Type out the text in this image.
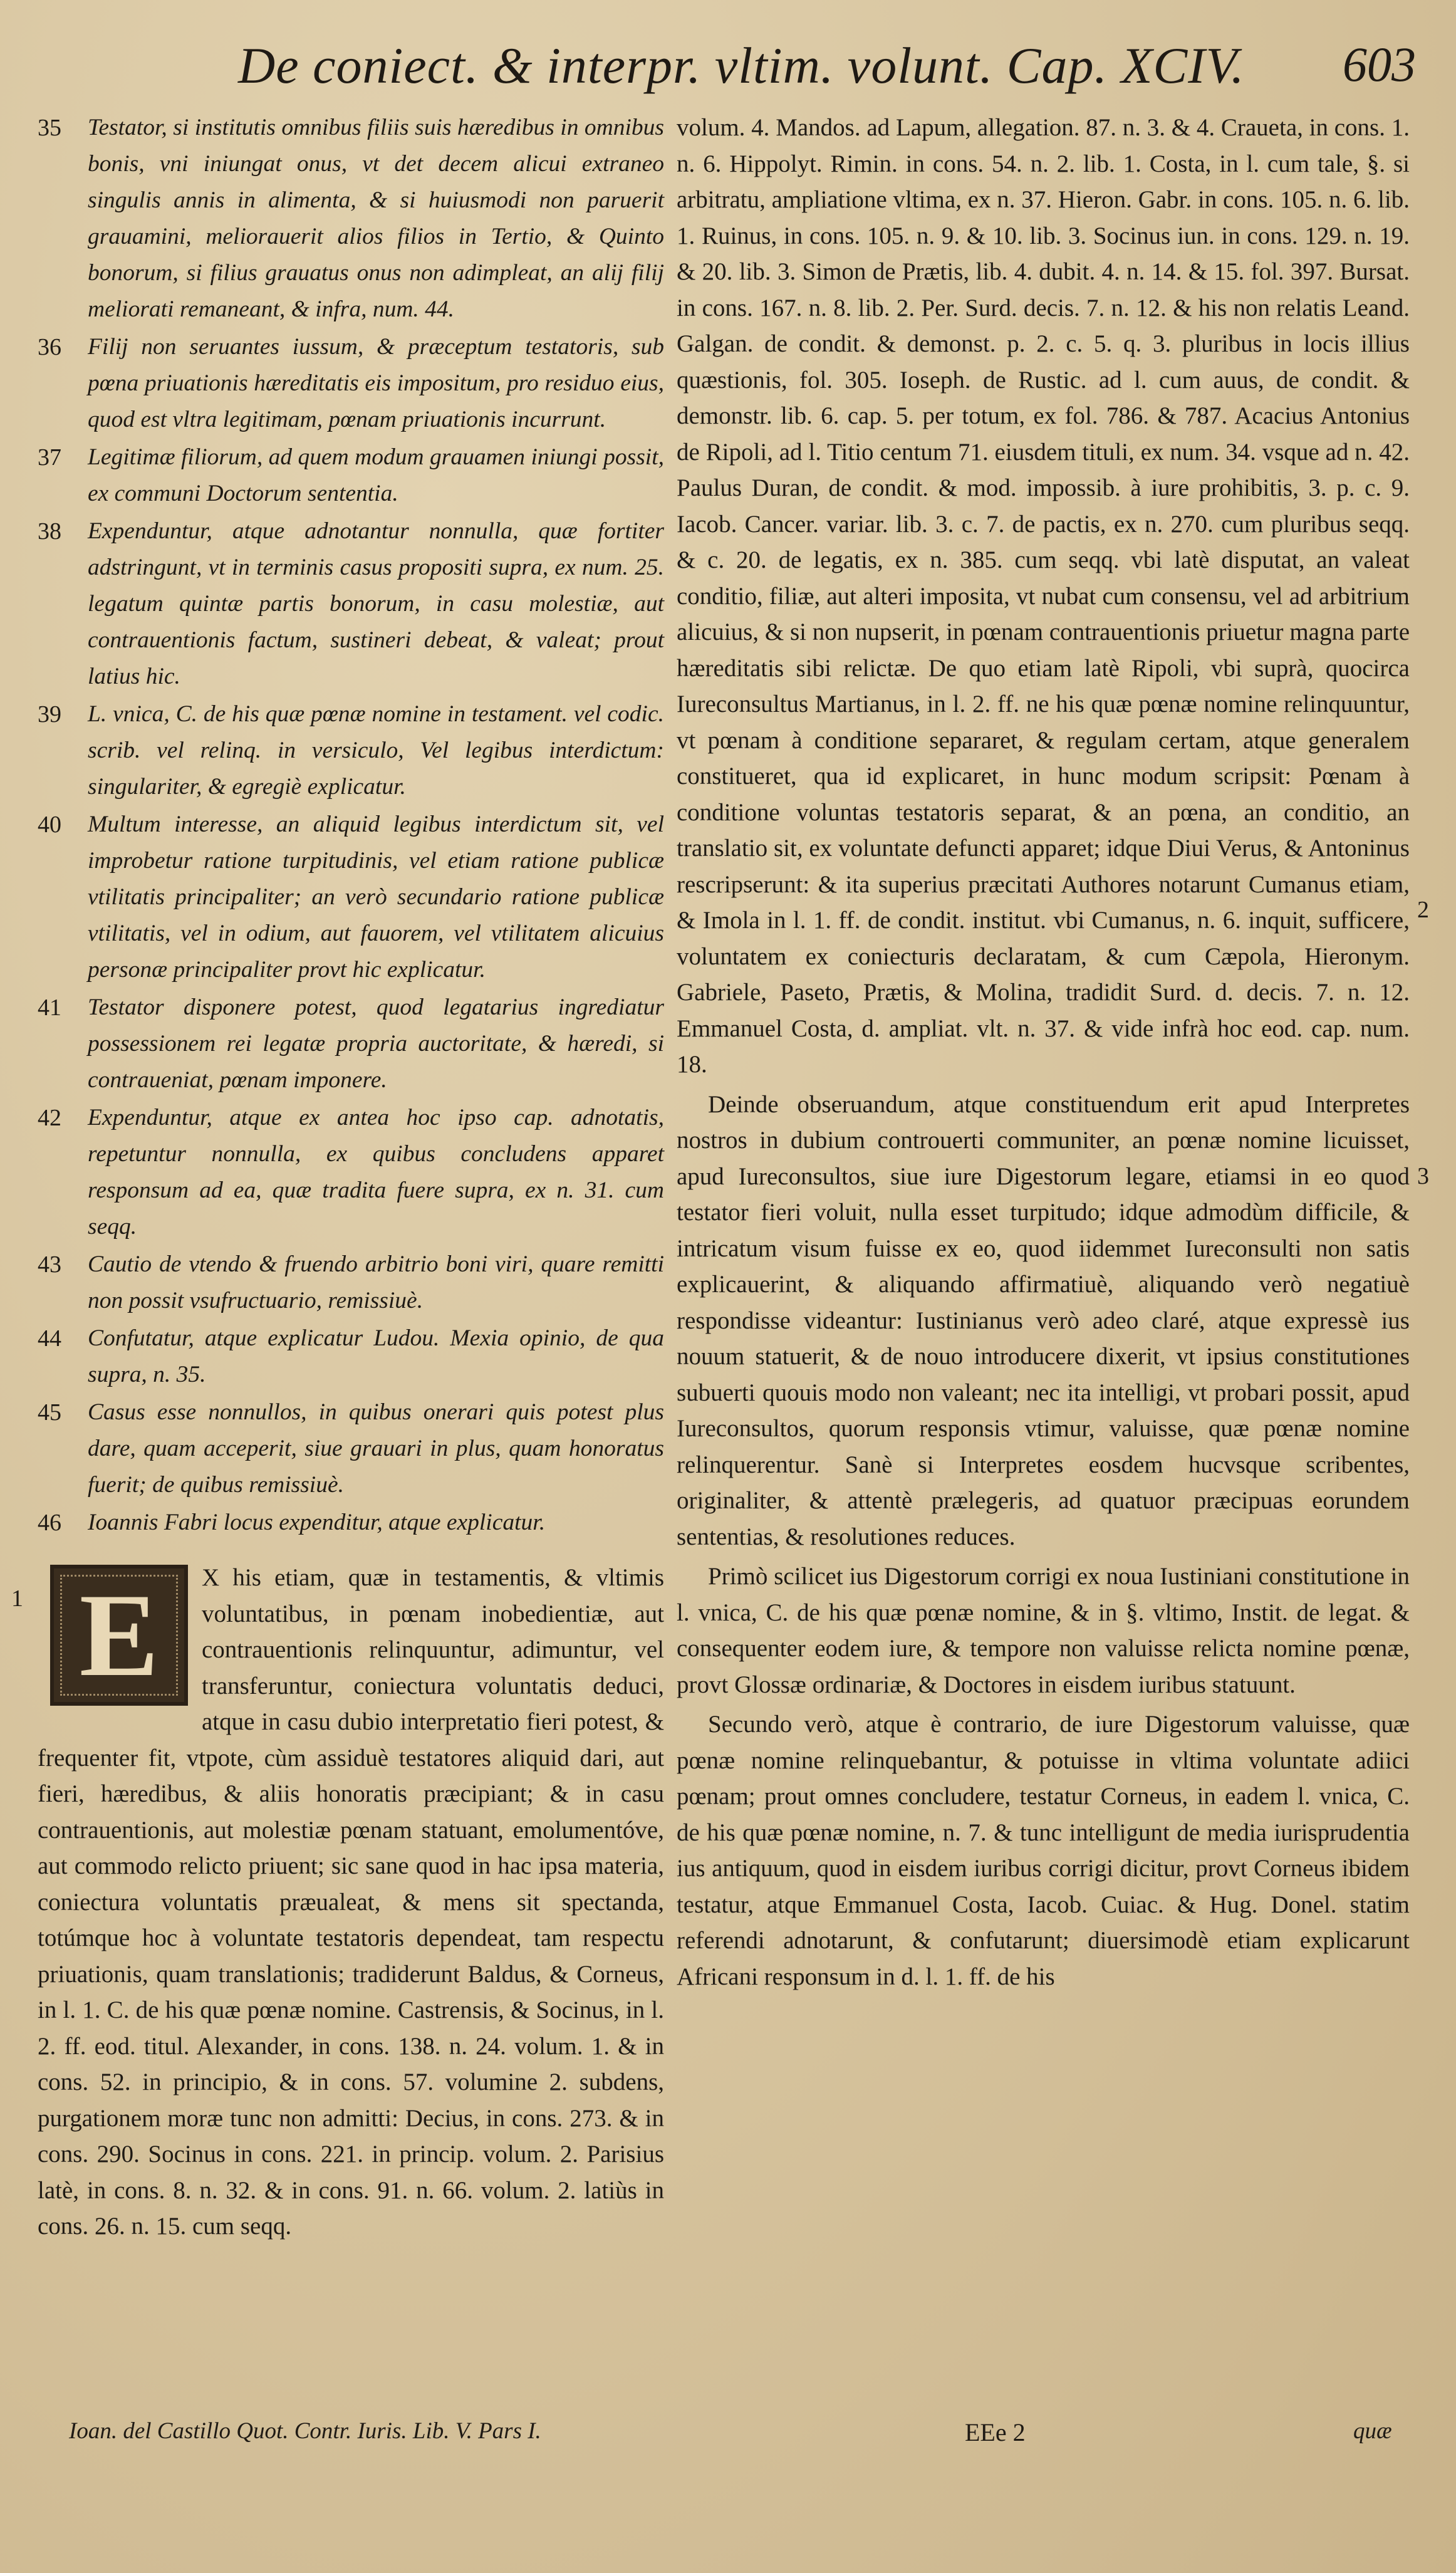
De coniect. & interpr. vltim. volunt. Cap. XCIV. 603
35	Testator, si institutis omnibus filiis suis hæredibus in omnibus bonis, vni iniungat onus, vt det decem alicui extraneo singulis annis in alimenta, & si huiusmodi non paruerit grauamini, meliorauerit alios filios in Tertio, & Quinto bonorum, si filius grauatus onus non adimpleat, an alij filij meliorati remaneant, & infra, num. 44.
36	Filij non seruantes iussum, & præceptum testatoris, sub pœna priuationis hæreditatis eis impositum, pro residuo eius, quod est vltra legitimam, pœnam priuationis incurrunt.
37	Legitimæ filiorum, ad quem modum grauamen iniungi possit, ex communi Doctorum sententia.
38	Expenduntur, atque adnotantur nonnulla, quæ fortiter adstringunt, vt in terminis casus propositi supra, ex num. 25. legatum quintæ partis bonorum, in casu molestiæ, aut contrauentionis factum, sustineri debeat, & valeat; prout latius hic.
39	L. vnica, C. de his quæ pœnæ nomine in testament. vel codic. scrib. vel relinq. in versiculo, Vel legibus interdictum: singulariter, & egregiè explicatur.
40	Multum interesse, an aliquid legibus interdictum sit, vel improbetur ratione turpitudinis, vel etiam ratione publicæ vtilitatis principaliter; an verò secundario ratione publicæ vtilitatis, vel in odium, aut fauorem, vel vtilitatem alicuius personæ principaliter provt hic explicatur.
41	Testator disponere potest, quod legatarius ingrediatur possessionem rei legatæ propria auctoritate, & hæredi, si contraueniat, pœnam imponere.
42	Expenduntur, atque ex antea hoc ipso cap. adnotatis, repetuntur nonnulla, ex quibus concludens apparet responsum ad ea, quæ tradita fuere supra, ex n. 31. cum seqq.
43	Cautio de vtendo & fruendo arbitrio boni viri, quare remitti non possit vsufructuario, remissiuè.
44	Confutatur, atque explicatur Ludou. Mexia opinio, de qua supra, n. 35.
45	Casus esse nonnullos, in quibus onerari quis potest plus dare, quam acceperit, siue grauari in plus, quam honoratus fuerit; de quibus remissiuè.
46	Ioannis Fabri locus expenditur, atque explicatur.
1 E	X his etiam, quæ in testamentis, & vltimis voluntatibus, in pœnam inobedientiæ, aut contrauentionis relinquuntur, adimuntur, vel transferuntur, coniectura voluntatis deduci, atque in casu dubio interpretatio fieri potest, & frequenter fit, vtpote, cùm assiduè testatores aliquid dari, aut fieri, hæredibus, & aliis honoratis præcipiant; & in casu contrauentionis, aut molestiæ pœnam statuant, emolumentóve, aut commodo relicto priuent; sic sane quod in hac ipsa materia, coniectura voluntatis præualeat, & mens sit spectanda, totúmque hoc à voluntate testatoris dependeat, tam respectu priuationis, quam translationis; tradiderunt Baldus, & Corneus, in l. 1. C. de his quæ pœnæ nomine. Castrensis, & Socinus, in l. 2. ff. eod. titul. Alexander, in cons. 138. n. 24. volum. 1. & in cons. 52. in principio, & in cons. 57. volumine 2. subdens, purgationem moræ tunc non admitti: Decius, in cons. 273. & in cons. 290. Socinus in cons. 221. in princip. volum. 2. Parisius latè, in cons. 8. n. 32. & in cons. 91. n. 66. volum. 2. latiùs in cons. 26. n. 15. cum seqq.

volum. 4. Mandos. ad Lapum, allegation. 87. n. 3. & 4. Craueta, in cons. 1. n. 6. Hippolyt. Rimin. in cons. 54. n. 2. lib. 1. Costa, in l. cum tale, §. si arbitratu, ampliatione vltima, ex n. 37. Hieron. Gabr. in cons. 105. n. 6. lib. 1. Ruinus, in cons. 105. n. 9. & 10. lib. 3. Socinus iun. in cons. 129. n. 19. & 20. lib. 3. Simon de Prætis, lib. 4. dubit. 4. n. 14. & 15. fol. 397. Bursat. in cons. 167. n. 8. lib. 2. Per. Surd. decis. 7. n. 12. & his non relatis Leand. Galgan. de condit. & demonst. p. 2. c. 5. q. 3. pluribus in locis illius quæstionis, fol. 305. Ioseph. de Rustic. ad l. cum auus, de condit. & demonstr. lib. 6. cap. 5. per totum, ex fol. 786. & 787. Acacius Antonius de Ripoli, ad l. Titio centum 71. eiusdem tituli, ex num. 34. vsque ad n. 42. Paulus Duran, de condit. & mod. impossib. à iure prohibitis, 3. p. c. 9. Iacob. Cancer. variar. lib. 3. c. 7. de pactis, ex n. 270. cum pluribus seqq. & c. 20. de legatis, ex n. 385. cum seqq. vbi latè disputat, an valeat conditio, filiæ, aut alteri imposita, vt nubat cum consensu, vel ad arbitrium alicuius, & si non nupserit, in pœnam contrauentionis priuetur magna parte hæreditatis sibi relictæ. De quo etiam latè Ripoli, vbi suprà, quocirca Iureconsultus Martianus, in l. 2. ff. ne his quæ pœnæ nomine relinquuntur, vt pœnam à conditione separaret, & regulam certam, atque generalem constitueret, qua id explicaret, in hunc modum scripsit: Pœnam à conditione voluntas testatoris separat, & an pœna, an conditio, an translatio sit, ex voluntate defuncti apparet; idque Diui Verus, & Antoninus rescripserunt: & ita superius præcitati Authores notarunt Cumanus etiam, & Imola in l. 1. ff. de condit. institut. vbi Cumanus, n. 6. inquit, sufficere, voluntatem ex coniecturis declaratam, & cum Cæpola, Hieronym. Gabriele, Paseto, Prætis, & Molina, tradidit Surd. d. decis. 7. n. 12. Emmanuel Costa, d. ampliat. vlt. n. 37. & vide infrà hoc eod. cap. num. 18.

Deinde obseruandum, atque constituendum erit apud Interpretes nostros in dubium controuerti communiter, an pœnæ nomine licuisset, apud Iureconsultos, siue iure Digestorum legare, etiamsi in eo quod testator fieri voluit, nulla esset turpitudo; idque admodùm difficile, & intricatum visum fuisse ex eo, quod iidemmet Iureconsulti non satis explicauerint, & aliquando affirmatiuè, aliquando verò negatiuè respondisse videantur: Iustinianus verò adeo claré, atque expressè ius nouum statuerit, & de nouo introducere dixerit, vt ipsius constitutiones subuerti quouis modo non valeant; nec ita intelligi, vt probari possit, apud Iureconsultos, quorum responsis vtimur, valuisse, quæ pœnæ nomine relinquerentur. Sanè si Interpretes eosdem hucvsque scribentes, originaliter, & attentè prælegeris, ad quatuor præcipuas eorundem sententias, & resolutiones reduces.

Primò scilicet ius Digestorum corrigi ex noua Iustiniani constitutione in l. vnica, C. de his quæ pœnæ nomine, & in §. vltimo, Instit. de legat. & consequenter eodem iure, & tempore non valuisse relicta nomine pœnæ, provt Glossæ ordinariæ, & Doctores in eisdem iuribus statuunt.

Secundo verò, atque è contrario, de iure Digestorum valuisse, quæ pœnæ nomine relinquebantur, & potuisse in vltima voluntate adiici pœnam; prout omnes concludere, testatur Corneus, in eadem l. vnica, C. de his quæ pœnæ nomine, n. 7. & tunc intelligunt de media iurisprudentia ius antiquum, quod in eisdem iuribus corrigi dicitur, provt Corneus ibidem testatur, atque Emmanuel Costa, Iacob. Cuiac. & Hug. Donel. statim referendi adnotarunt, & confutarunt; diuersimodè etiam explicarunt Africani responsum in d. l. 1. ff. de his

2
3
Ioan. del Castillo Quot. Contr. Iuris. Lib. V. Pars I.	EEe 2	quæ
